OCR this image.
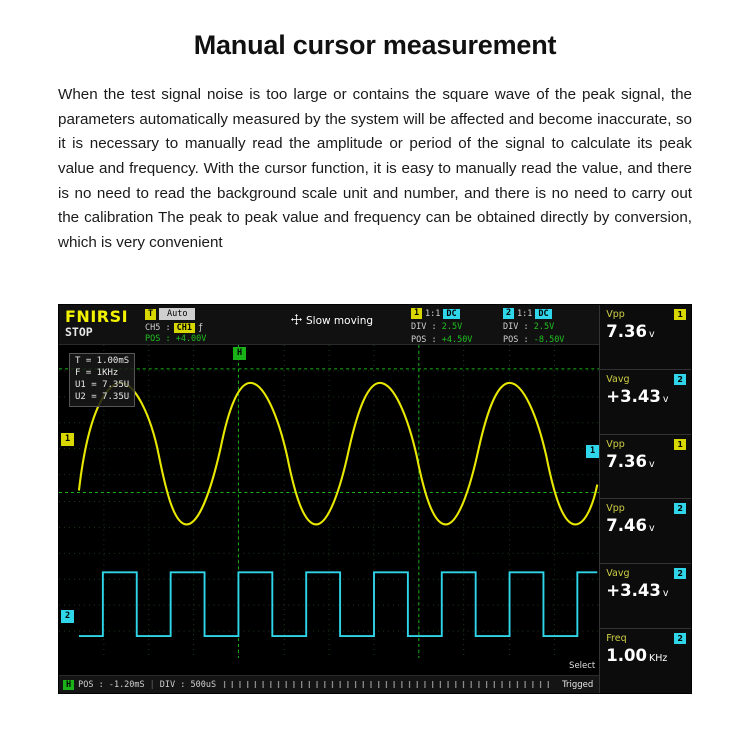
Manual cursor measurement

When the test signal noise is too large or contains the square wave of the peak signal, the parameters automatically measured by the system will be affected and become inaccurate, so it is necessary to manually read the amplitude or period of the signal to calculate its peak value and frequency. With the cursor function, it is easy to manually read the value, and there is no need to read the background scale unit and number, and there is no need to carry out the calibration The peak to peak value and frequency can be obtained directly by conversion, which is very convenient

FNIRSI
STOP
T	Auto
CH5 : CH1 ƒ
POS : +4.00V
Slow moving
1 1:1 DC
DIV : 2.5V
POS : +4.50V
2 1:1 DC
DIV : 2.5V
POS : -8.50V
T = 1.00mS
F = 1KHz
U1 = 7.35U
U2 = 7.35U
H
1
2
1
Select
H POS : -1.20mS | DIV : 500uS	Trigged
Vpp	1
7.36 v
Vavg	2
+3.43 v
Vpp	1
7.36 v
Vpp	2
7.46 v
Vavg	2
+3.43 v
Freq	2
1.00 KHz
